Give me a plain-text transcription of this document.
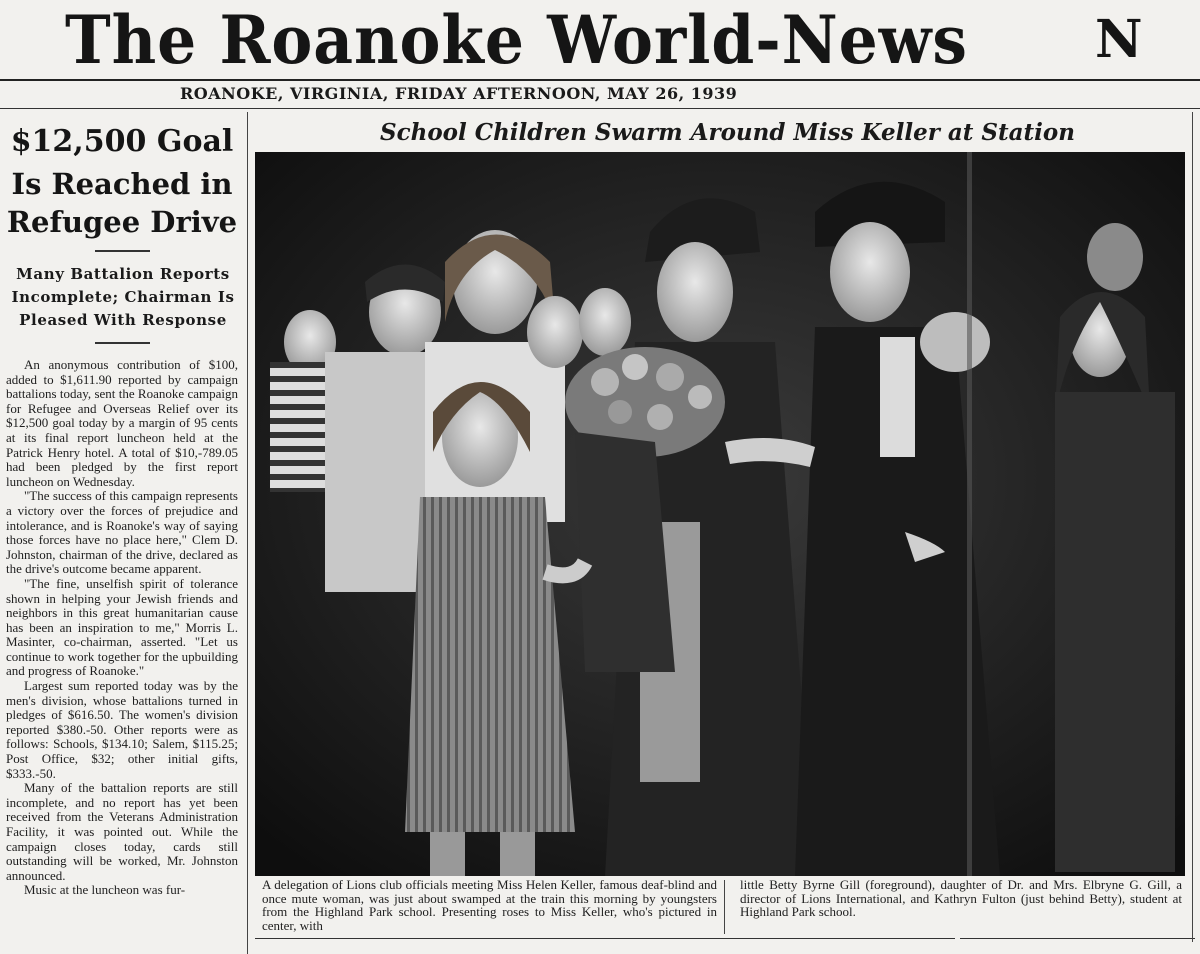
The Roanoke World-News N
ROANOKE, VIRGINIA, FRIDAY AFTERNOON, MAY 26, 1939
$12,500 Goal
Is Reached in
Refugee Drive
Many Battalion Reports
Incomplete; Chairman Is
Pleased With Response

An anonymous contribution of $100, added to $1,611.90 reported by campaign battalions today, sent the Roanoke campaign for Refugee and Overseas Relief over its $12,500 goal today by a margin of 95 cents at its final report luncheon held at the Patrick Henry hotel. A total of $10,-789.05 had been pledged by the first report luncheon on Wednesday.

"The success of this campaign represents a victory over the forces of prejudice and intolerance, and is Roanoke's way of saying those forces have no place here," Clem D. Johnston, chairman of the drive, declared as the drive's outcome became apparent.

"The fine, unselfish spirit of tolerance shown in helping your Jewish friends and neighbors in this great humanitarian cause has been an inspiration to me," Morris L. Masinter, co-chairman, asserted. "Let us continue to work together for the upbuilding and progress of Roanoke."

Largest sum reported today was by the men's division, whose battalions turned in pledges of $616.50. The women's division reported $380.-50. Other reports were as follows: Schools, $134.10; Salem, $115.25; Post Office, $32; other initial gifts, $333.-50.

Many of the battalion reports are still incomplete, and no report has yet been received from the Veterans Administration Facility, it was pointed out. While the campaign closes today, cards still outstanding will be worked, Mr. Johnston announced.

Music at the luncheon was fur-

School Children Swarm Around Miss Keller at Station
A delegation of Lions club officials meeting Miss Helen Keller, famous deaf-blind and once mute woman, was just about swamped at the train this morning by youngsters from the Highland Park school. Presenting roses to Miss Keller, who's pictured in center, with
little Betty Byrne Gill (foreground), daughter of Dr. and Mrs. Elbryne G. Gill, a director of Lions International, and Kathryn Fulton (just behind Betty), student at Highland Park school.
